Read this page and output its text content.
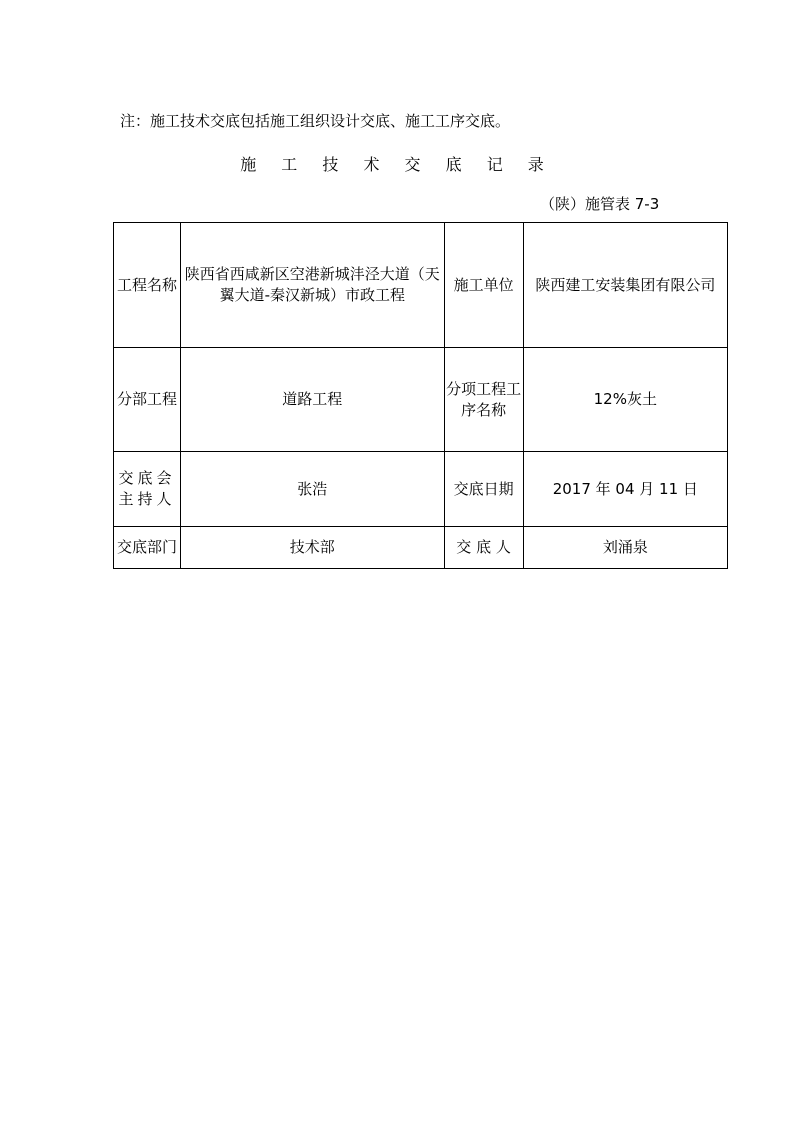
注：施工技术交底包括施工组织设计交底、施工工序交底。
施 工 技 术 交 底 记 录
（陕）施管表 7-3
工程名称	陕西省西咸新区空港新城沣泾大道（天翼大道-秦汉新城）市政工程	施工单位	陕西建工安装集团有限公司
分部工程	道路工程	分项工程工序名称	12%灰土
交底会主持人	张浩	交底日期	2017 年 04 月 11 日
交底部门	技术部	交 底 人	刘涌泉
